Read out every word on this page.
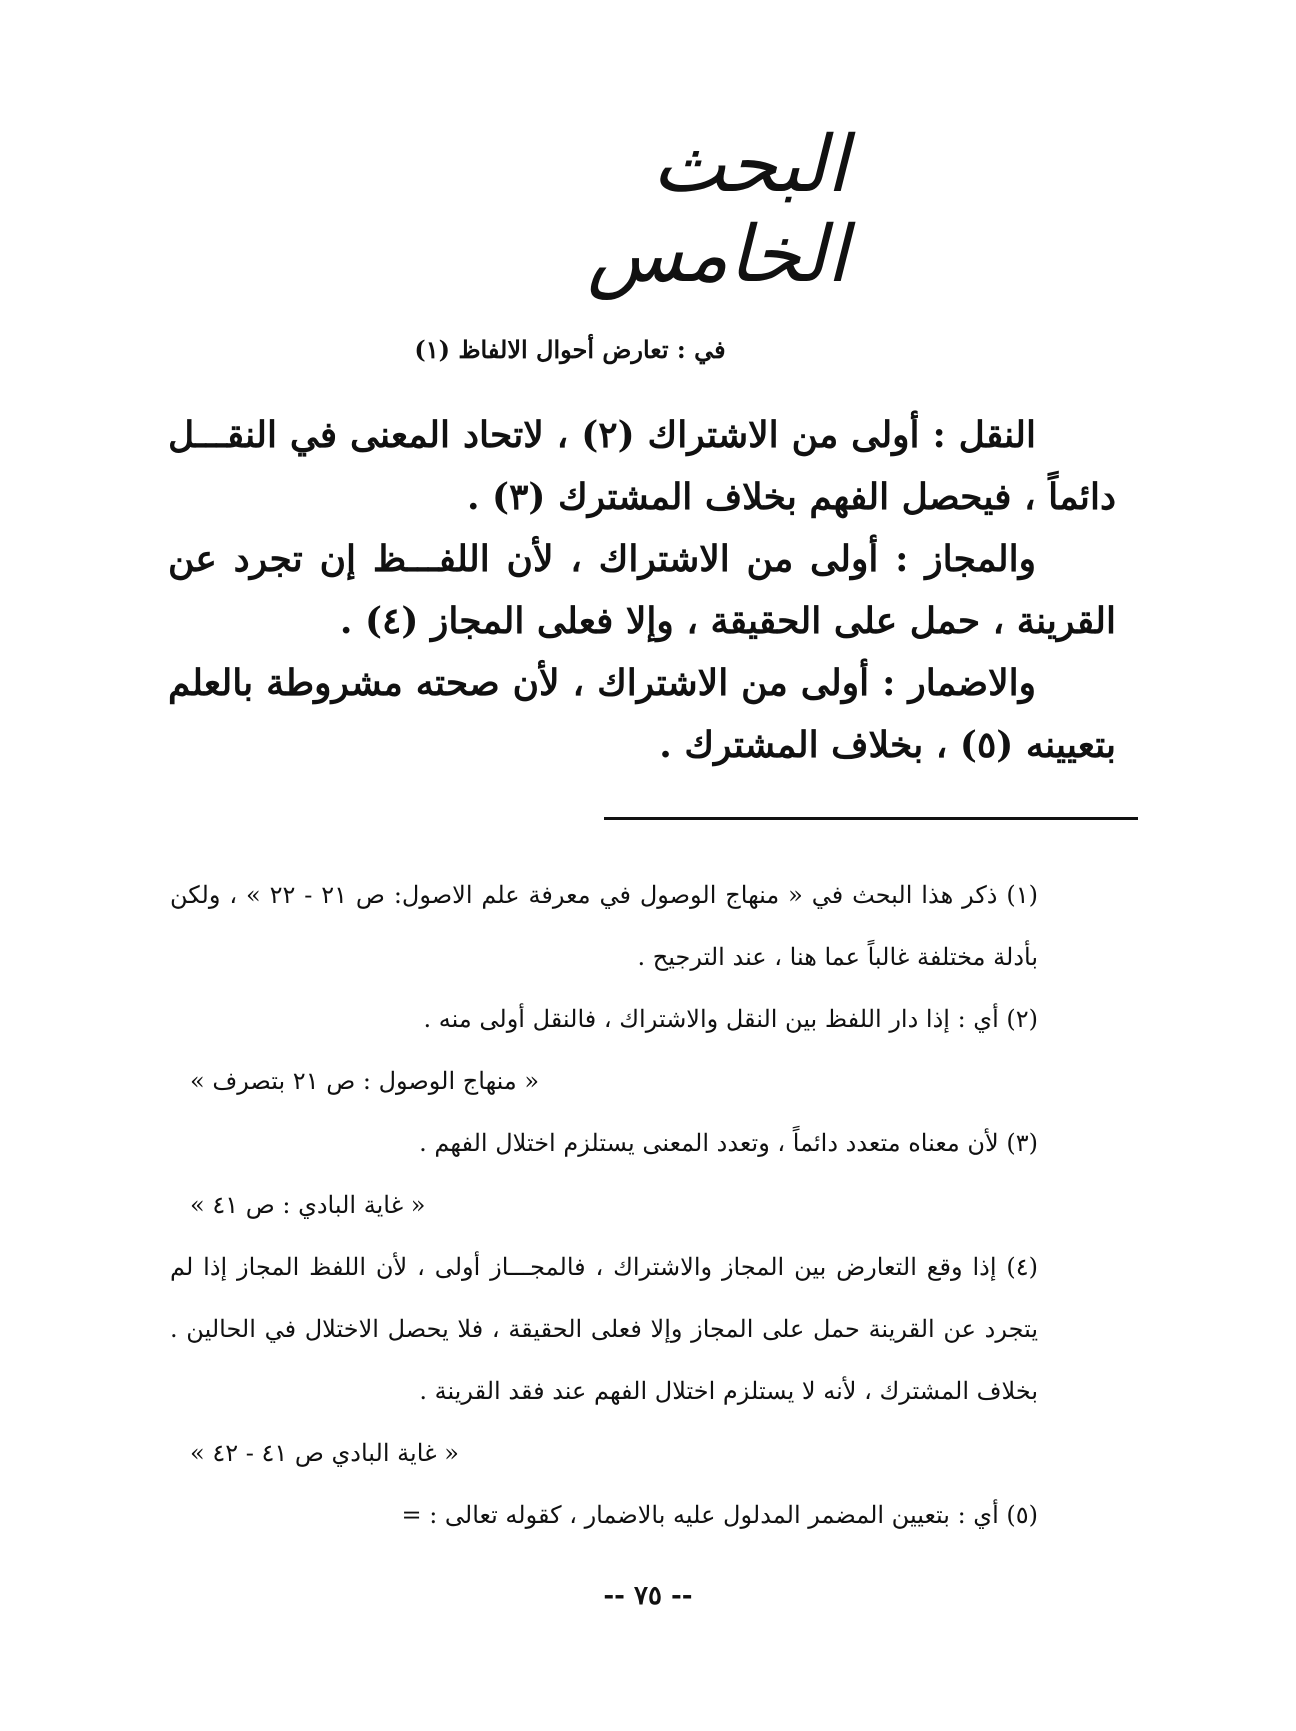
البحث الخامس
في : تعارض أحوال الالفاظ (١)

النقل : أولى من الاشتراك (٢) ، لاتحاد المعنى في النقـــل دائماً ، فيحصل الفهم بخلاف المشترك (٣) .

والمجاز : أولى من الاشتراك ، لأن اللفـــظ إن تجرد عن القرينة ، حمل على الحقيقة ، وإلا فعلى المجاز (٤) .

والاضمار : أولى من الاشتراك ، لأن صحته مشروطة بالعلم بتعيينه (٥) ، بخلاف المشترك .

(١) ذكر هذا البحث في « منهاج الوصول في معرفة علم الاصول: ص ٢١ - ٢٢ » ، ولكن بأدلة مختلفة غالباً عما هنا ، عند الترجيح .

(٢) أي : إذا دار اللفظ بين النقل والاشتراك ، فالنقل أولى منه .

« منهاج الوصول : ص ٢١ بتصرف »

(٣) لأن معناه متعدد دائماً ، وتعدد المعنى يستلزم اختلال الفهم .

« غاية البادي : ص ٤١ »

(٤) إذا وقع التعارض بين المجاز والاشتراك ، فالمجـــاز أولى ، لأن اللفظ المجاز إذا لم يتجرد عن القرينة حمل على المجاز وإلا فعلى الحقيقة ، فلا يحصل الاختلال في الحالين . بخلاف المشترك ، لأنه لا يستلزم اختلال الفهم عند فقد القرينة .

« غاية البادي ص ٤١ - ٤٢ »

(٥) أي : بتعيين المضمر المدلول عليه بالاضمار ، كقوله تعالى : =

-- ٧٥ --
